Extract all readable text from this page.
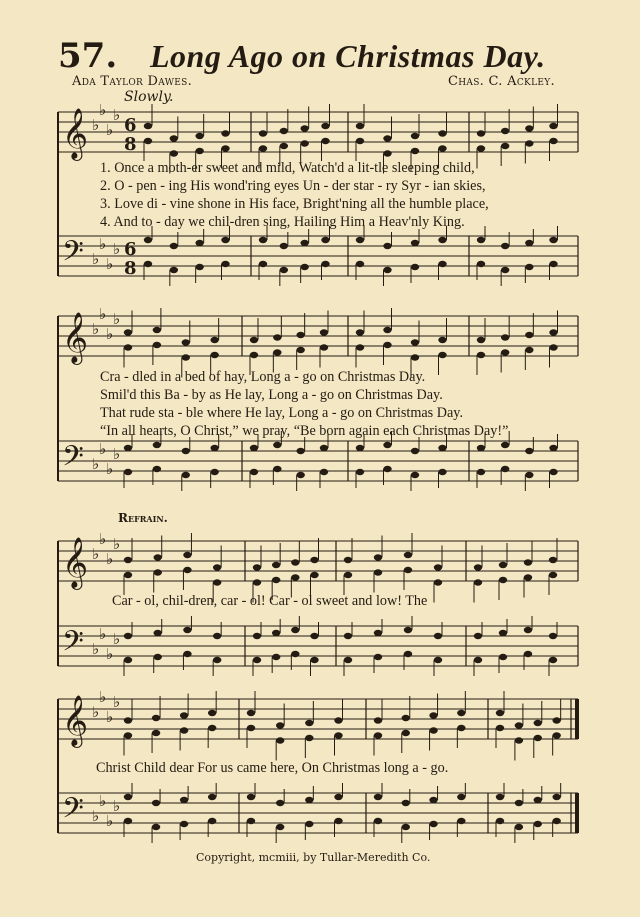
57. Long Ago on Christmas Day.
Ada Taylor Dawes.	Chas. C. Ackley.
Slowly.
𝄞 ♭
♭
♭
♭ 6
8
𝄢 ♭
♭
♭
♭ 6
8
𝄞 ♭
♭
♭
♭
𝄢 ♭
♭
♭
♭
𝄞 ♭
♭
♭
♭
𝄢 ♭
♭
♭
♭
𝄞 ♭
♭
♭
♭
𝄢 ♭
♭
♭
♭
1. Once a moth-er sweet and mild, Watch'd a lit-tle sleeping child,
2. O - pen - ing His wond'ring eyes Un - der star - ry Syr - ian skies,
3. Love di - vine shone in His face, Bright'ning all the humble place,
4. And to - day we chil-dren sing, Hailing Him a Heav'nly King.
Cra - dled in a bed of hay, Long a - go on Christmas Day.
Smil'd this Ba - by as He lay, Long a - go on Christmas Day.
That rude sta - ble where He lay, Long a - go on Christmas Day.
“In all hearts, O Christ,” we pray, “Be born again each Christmas Day!”
Refrain.
Car - ol, chil-dren, car - ol! Car - ol sweet and low! The
Christ Child dear For us came here, On Christmas long a - go.
Copyright, mcmiii, by Tullar-Meredith Co.
